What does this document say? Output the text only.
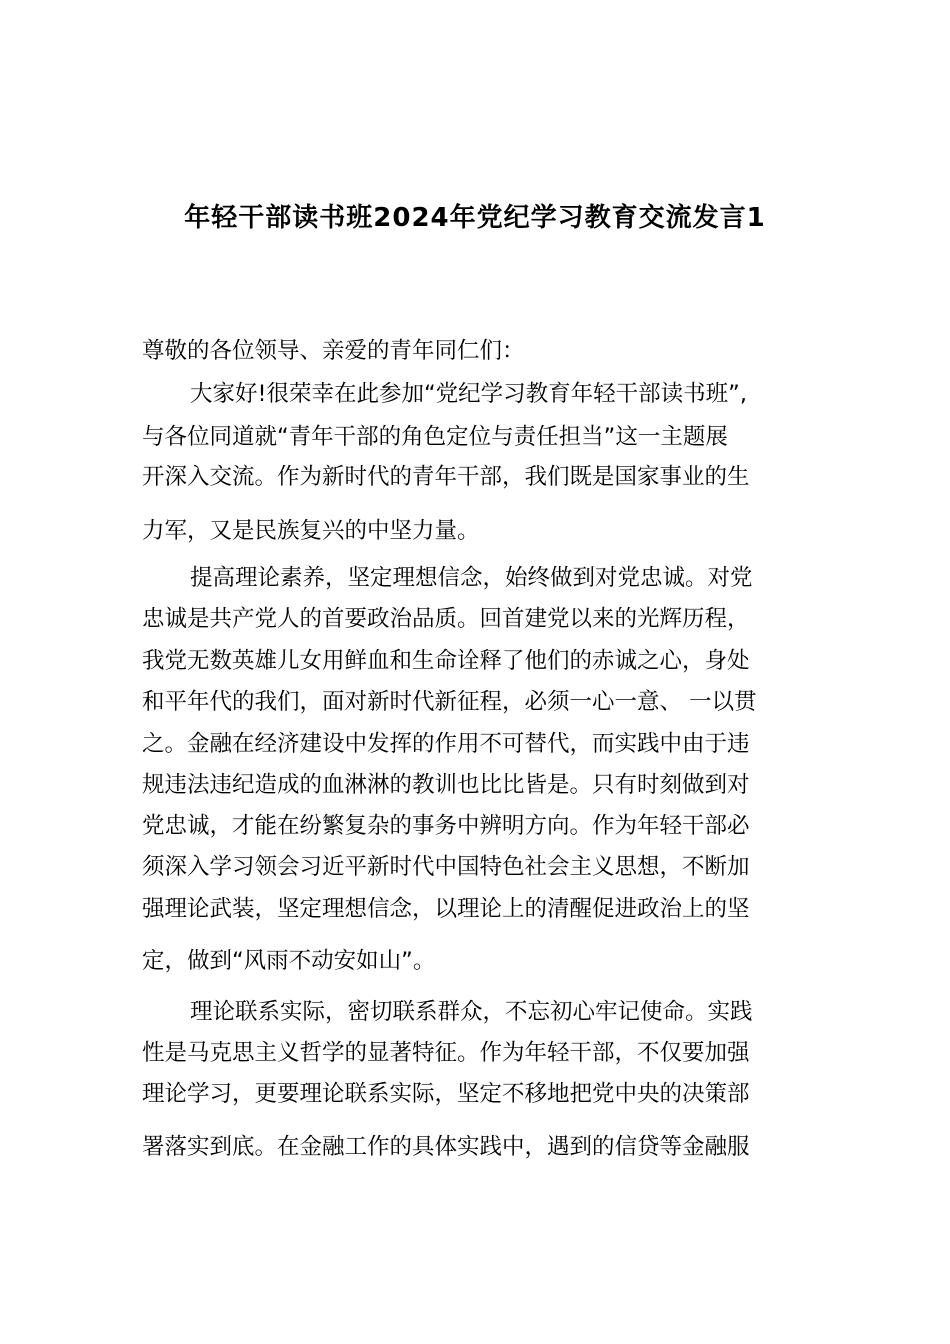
年轻干部读书班2024年党纪学习教育交流发言1
尊敬的各位领导、亲爱的青年同仁们：
大家好!很荣幸在此参加“党纪学习教育年轻干部读书班”,
与各位同道就“青年干部的角色定位与责任担当”这一主题展
开深入交流。作为新时代的青年干部，我们既是国家事业的生
力军，又是民族复兴的中坚力量。
提高理论素养，坚定理想信念，始终做到对党忠诚。对党
忠诚是共产党人的首要政治品质。回首建党以来的光辉历程，
我党无数英雄儿女用鲜血和生命诠释了他们的赤诚之心，身处
和平年代的我们，面对新时代新征程，必须一心一意、 一以贯
之。金融在经济建设中发挥的作用不可替代，而实践中由于违
规违法违纪造成的血淋淋的教训也比比皆是。只有时刻做到对
党忠诚，才能在纷繁复杂的事务中辨明方向。作为年轻干部必
须深入学习领会习近平新时代中国特色社会主义思想，不断加
强理论武装，坚定理想信念，以理论上的清醒促进政治上的坚
定，做到“风雨不动安如山”。
理论联系实际，密切联系群众，不忘初心牢记使命。实践
性是马克思主义哲学的显著特征。作为年轻干部，不仅要加强
理论学习，更要理论联系实际，坚定不移地把党中央的决策部
署落实到底。在金融工作的具体实践中，遇到的信贷等金融服
